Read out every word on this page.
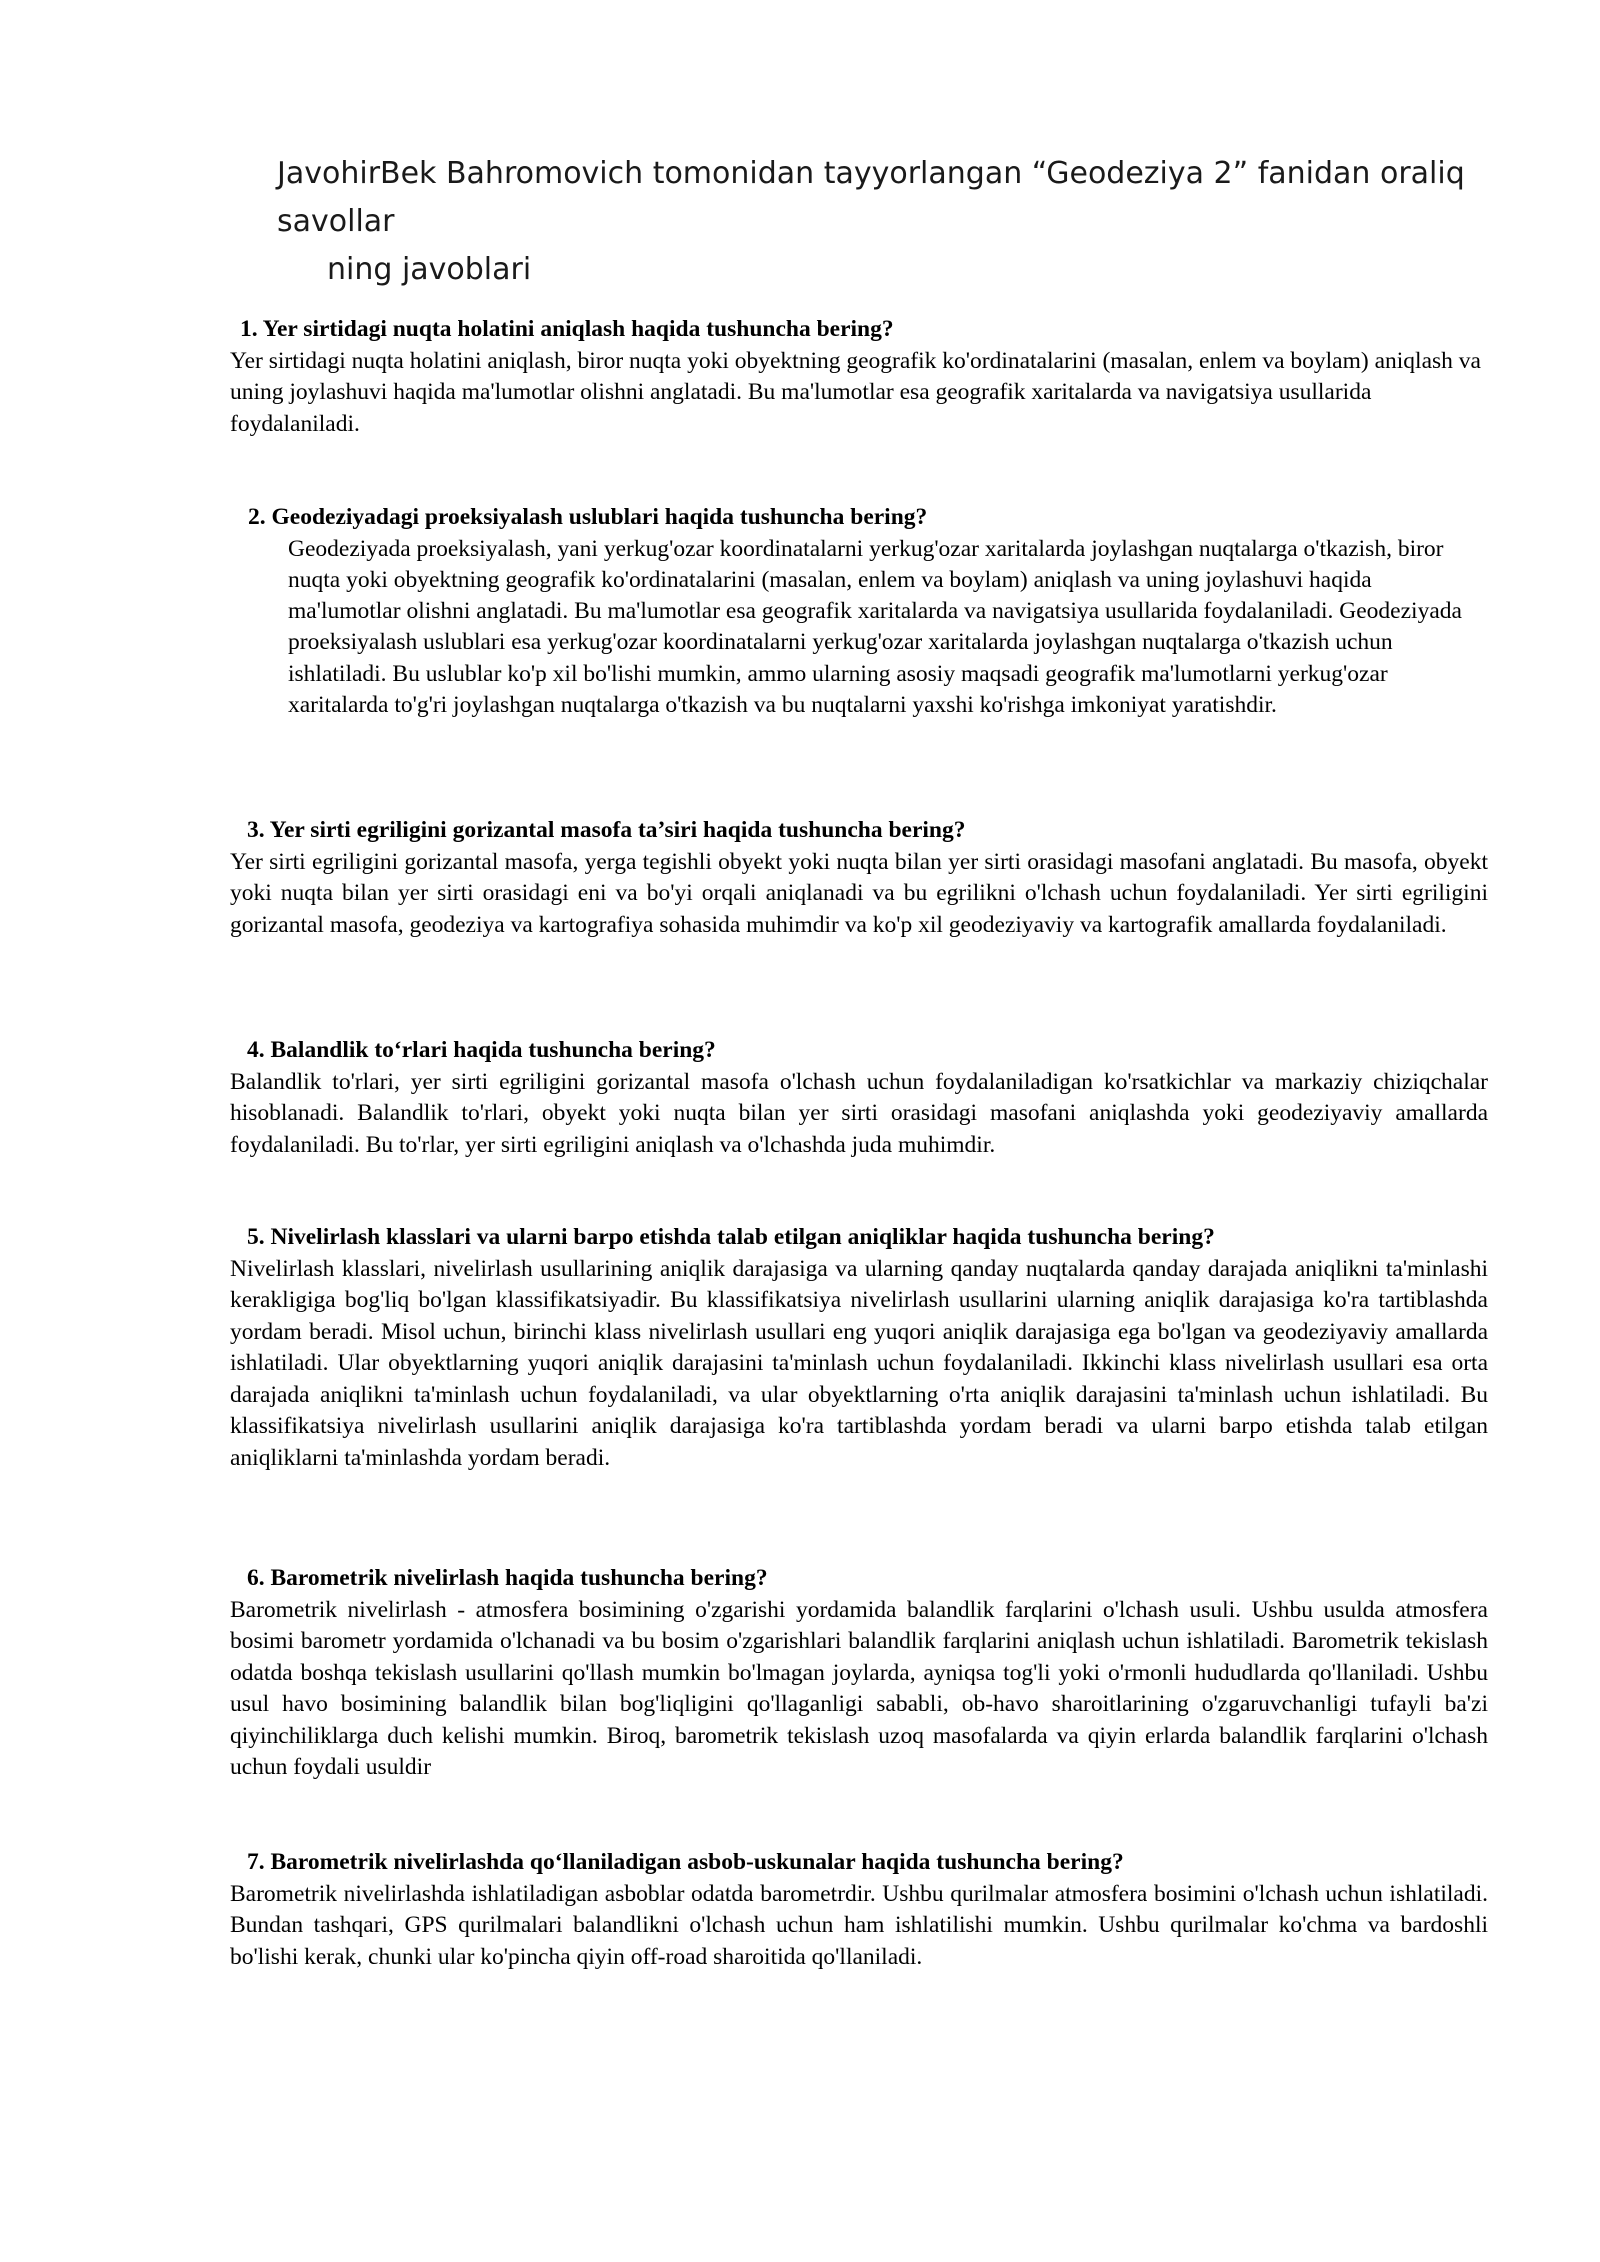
JavohirBek Bahromovich tomonidan tayyorlangan “Geodeziya 2” fanidan oraliq savollar
ning javoblari
1. Yer sirtidagi nuqta holatini aniqlash haqida tushuncha bering?

Yer sirtidagi nuqta holatini aniqlash, biror nuqta yoki obyektning geografik ko'ordinatalarini (masalan, enlem va boylam) aniqlash va uning joylashuvi haqida ma'lumotlar olishni anglatadi. Bu ma'lumotlar esa geografik xaritalarda va navigatsiya usullarida foydalaniladi.

2. Geodeziyadagi proeksiyalash uslublari haqida tushuncha bering?

Geodeziyada proeksiyalash, yani yerkug'ozar koordinatalarni yerkug'ozar xaritalarda joylashgan nuqtalarga o'tkazish, biror nuqta yoki obyektning geografik ko'ordinatalarini (masalan, enlem va boylam) aniqlash va uning joylashuvi haqida ma'lumotlar olishni anglatadi. Bu ma'lumotlar esa geografik xaritalarda va navigatsiya usullarida foydalaniladi. Geodeziyada proeksiyalash uslublari esa yerkug'ozar koordinatalarni yerkug'ozar xaritalarda joylashgan nuqtalarga o'tkazish uchun ishlatiladi. Bu uslublar ko'p xil bo'lishi mumkin, ammo ularning asosiy maqsadi geografik ma'lumotlarni yerkug'ozar xaritalarda to'g'ri joylashgan nuqtalarga o'tkazish va bu nuqtalarni yaxshi ko'rishga imkoniyat yaratishdir.

3. Yer sirti egriligini gorizantal masofa ta’siri haqida tushuncha bering?

Yer sirti egriligini gorizantal masofa, yerga tegishli obyekt yoki nuqta bilan yer sirti orasidagi masofani anglatadi. Bu masofa, obyekt yoki nuqta bilan yer sirti orasidagi eni va bo'yi orqali aniqlanadi va bu egrilikni o'lchash uchun foydalaniladi. Yer sirti egriligini gorizantal masofa, geodeziya va kartografiya sohasida muhimdir va ko'p xil geodeziyaviy va kartografik amallarda foydalaniladi.

4. Balandlik to‘rlari haqida tushuncha bering?

Balandlik to'rlari, yer sirti egriligini gorizantal masofa o'lchash uchun foydalaniladigan ko'rsatkichlar va markaziy chiziqchalar hisoblanadi. Balandlik to'rlari, obyekt yoki nuqta bilan yer sirti orasidagi masofani aniqlashda yoki geodeziyaviy amallarda foydalaniladi. Bu to'rlar, yer sirti egriligini aniqlash va o'lchashda juda muhimdir.

5. Nivelirlash klasslari va ularni barpo etishda talab etilgan aniqliklar haqida tushuncha bering?

Nivelirlash klasslari, nivelirlash usullarining aniqlik darajasiga va ularning qanday nuqtalarda qanday darajada aniqlikni ta'minlashi kerakligiga bog'liq bo'lgan klassifikatsiyadir. Bu klassifikatsiya nivelirlash usullarini ularning aniqlik darajasiga ko'ra tartiblashda yordam beradi. Misol uchun, birinchi klass nivelirlash usullari eng yuqori aniqlik darajasiga ega bo'lgan va geodeziyaviy amallarda ishlatiladi. Ular obyektlarning yuqori aniqlik darajasini ta'minlash uchun foydalaniladi. Ikkinchi klass nivelirlash usullari esa orta darajada aniqlikni ta'minlash uchun foydalaniladi, va ular obyektlarning o'rta aniqlik darajasini ta'minlash uchun ishlatiladi. Bu klassifikatsiya nivelirlash usullarini aniqlik darajasiga ko'ra tartiblashda yordam beradi va ularni barpo etishda talab etilgan aniqliklarni ta'minlashda yordam beradi.

6. Barometrik nivelirlash haqida tushuncha bering?

Barometrik nivelirlash - atmosfera bosimining o'zgarishi yordamida balandlik farqlarini o'lchash usuli. Ushbu usulda atmosfera bosimi barometr yordamida o'lchanadi va bu bosim o'zgarishlari balandlik farqlarini aniqlash uchun ishlatiladi. Barometrik tekislash odatda boshqa tekislash usullarini qo'llash mumkin bo'lmagan joylarda, ayniqsa tog'li yoki o'rmonli hududlarda qo'llaniladi. Ushbu usul havo bosimining balandlik bilan bog'liqligini qo'llaganligi sababli, ob-havo sharoitlarining o'zgaruvchanligi tufayli ba'zi qiyinchiliklarga duch kelishi mumkin. Biroq, barometrik tekislash uzoq masofalarda va qiyin erlarda balandlik farqlarini o'lchash uchun foydali usuldir

7. Barometrik nivelirlashda qo‘llaniladigan asbob-uskunalar haqida tushuncha bering?

Barometrik nivelirlashda ishlatiladigan asboblar odatda barometrdir. Ushbu qurilmalar atmosfera bosimini o'lchash uchun ishlatiladi. Bundan tashqari, GPS qurilmalari balandlikni o'lchash uchun ham ishlatilishi mumkin. Ushbu qurilmalar ko'chma va bardoshli bo'lishi kerak, chunki ular ko'pincha qiyin off-road sharoitida qo'llaniladi.
